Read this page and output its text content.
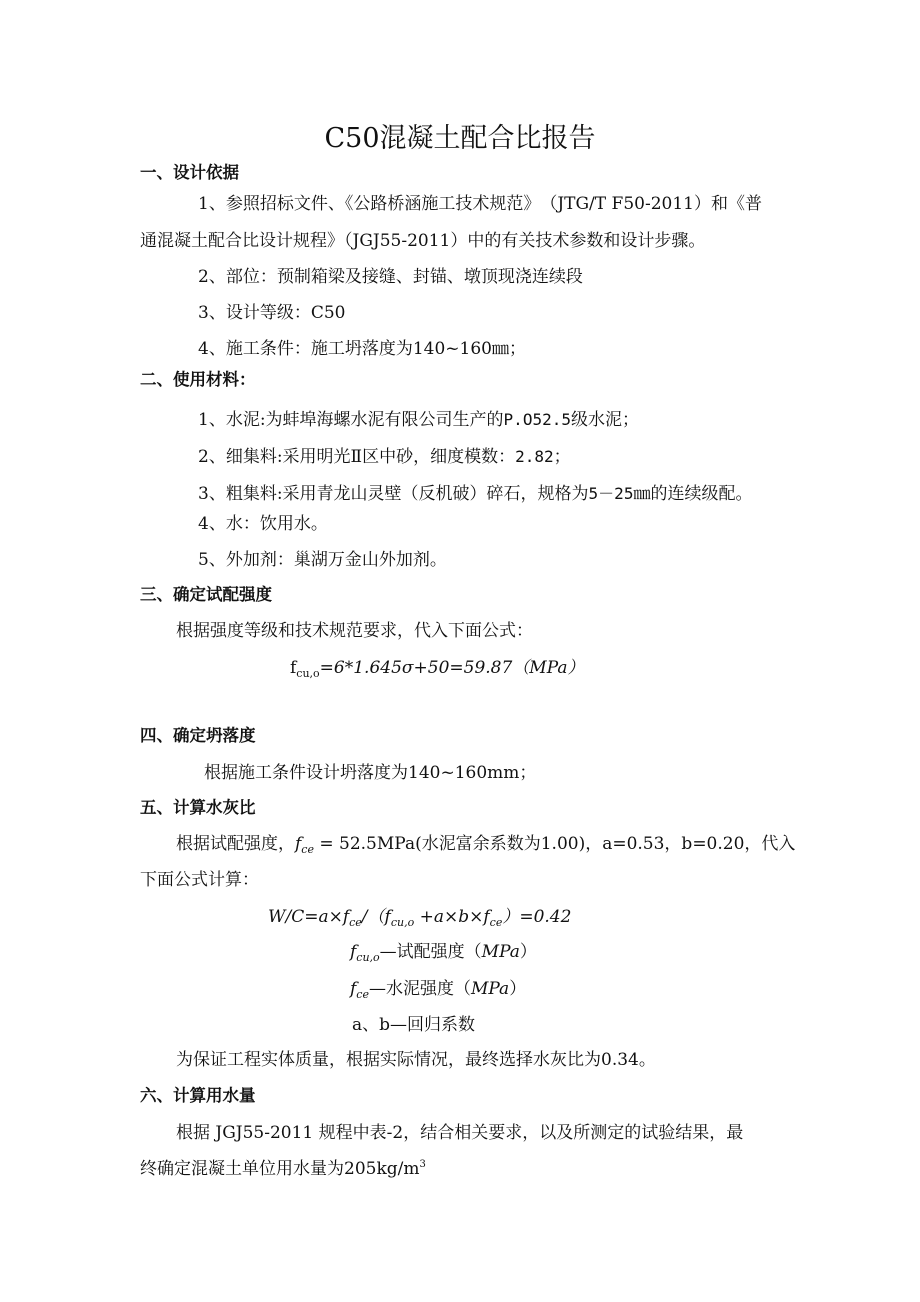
C50混凝土配合比报告
一、设计依据
1、参照招标文件、《公路桥涵施工技术规范》　（JTG/T F50-2011）和《普
通混凝土配合比设计规程》（JGJ55-2011）中的有关技术参数和设计步骤。
2、部位：预制箱梁及接缝、封锚、墩顶现浇连续段
3、设计等级：C50
4、施工条件：施工坍落度为140~160㎜；
二、使用材料：
1、水泥:为蚌埠海螺水泥有限公司生产的P.O52.5级水泥；
2、细集料:采用明光Ⅱ区中砂，细度模数：2.82；
3、粗集料:采用青龙山灵壁（反机破）碎石，规格为5－25㎜的连续级配。
4、水：饮用水。
5、外加剂：巢湖万金山外加剂。
三、确定试配强度
根据强度等级和技术规范要求，代入下面公式：
$f_{cu,o}=6*1.645\sigma+50=59.87(MPa)$
四、确定坍落度
根据施工条件设计坍落度为140~160mm；
五、计算水灰比
根据试配强度，$f_{ce} = 52.5MPa$(水泥富余系数为1.00)，a=0.53，b=0.20，代入
下面公式计算：
$W/C=a\times f_{ce}/(f_{cu,o} +a\times b\times f_{ce})=0.42$
$f_{cu,o}—$试配强度（MPa）
$f_{ce}—$水泥强度（MPa）
a、b—回归系数
为保证工程实体质量，根据实际情况，最终选择水灰比为0.34。
六、计算用水量
根据 JGJ55-2011 规程中表-2，结合相关要求，以及所测定的试验结果，最
终确定混凝土单位用水量为$205kg/m^3$
